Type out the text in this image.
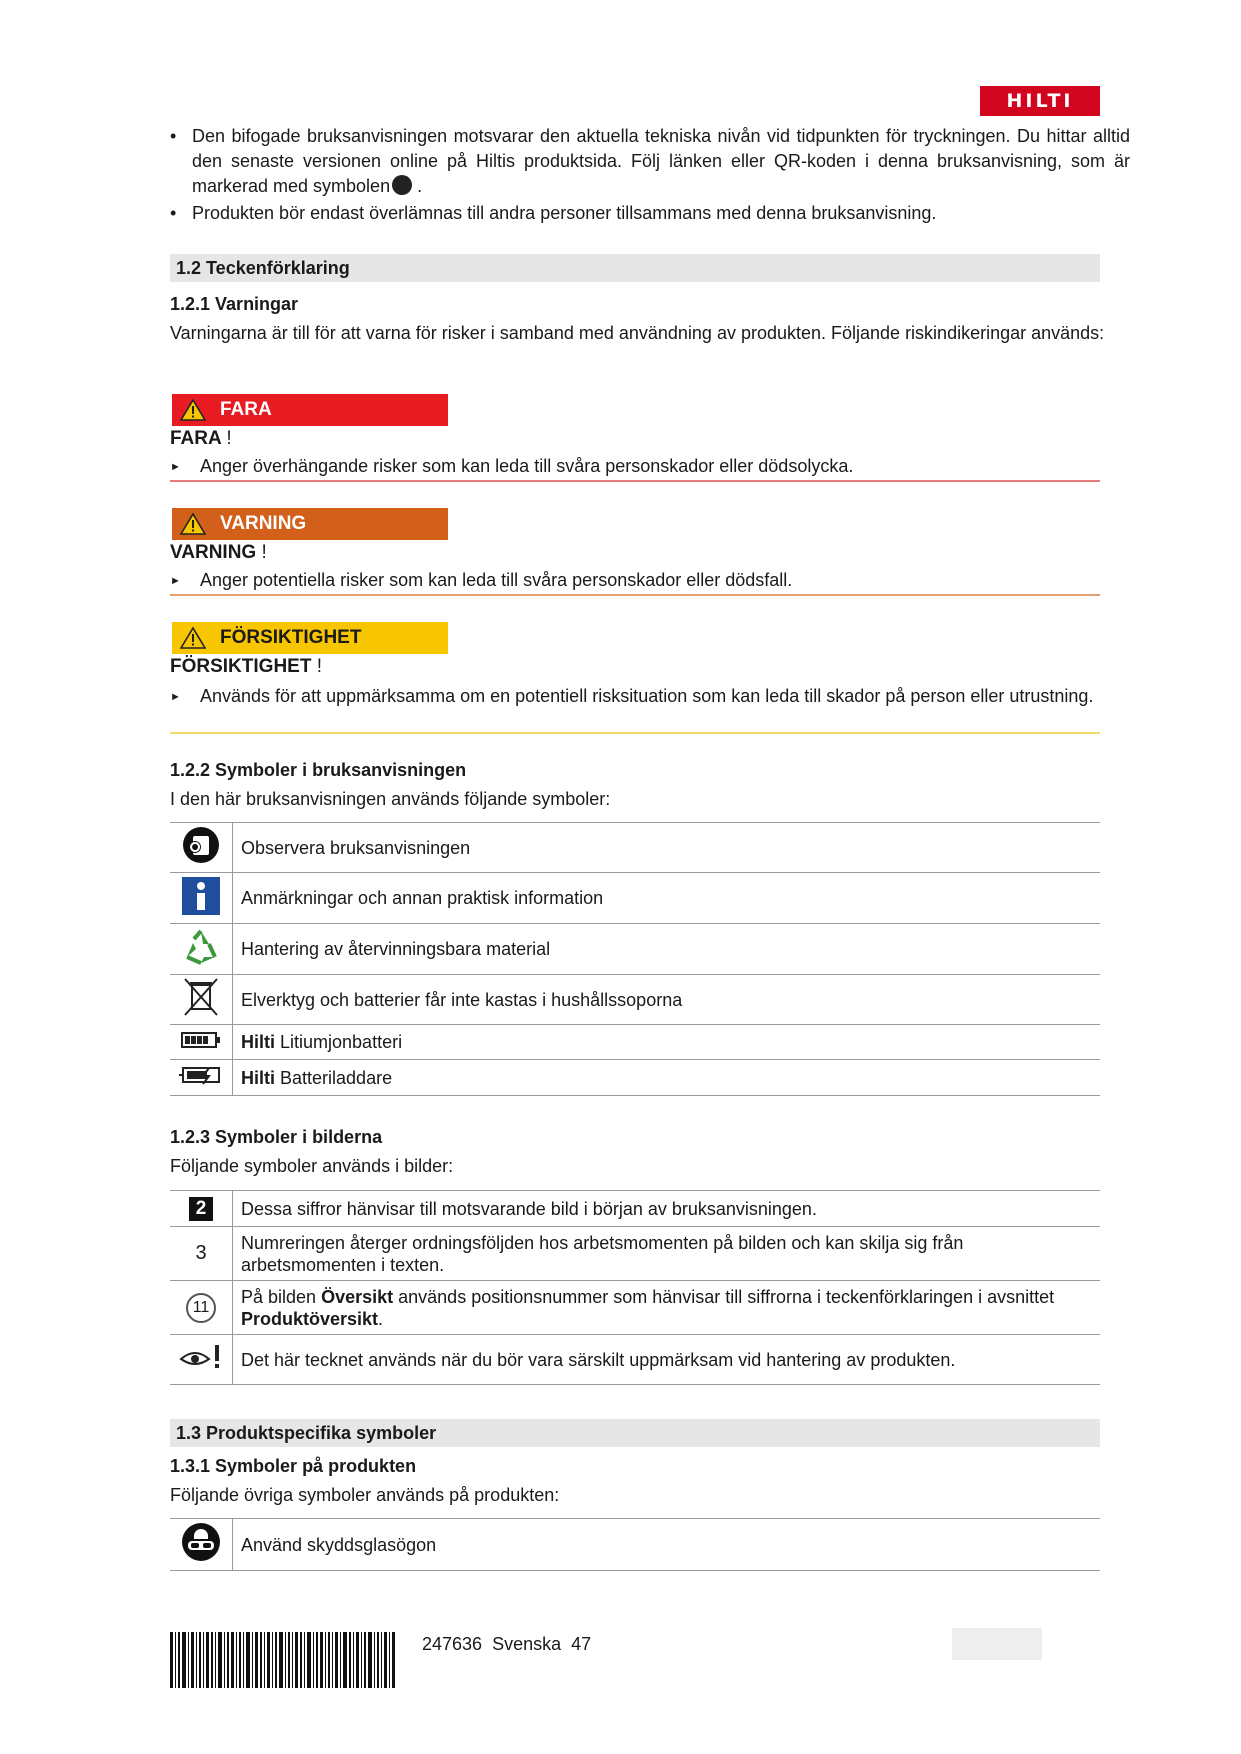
HILTI
• Den bifogade bruksanvisningen motsvarar den aktuella tekniska nivån vid tidpunkten för tryckningen. Du hittar alltid den senaste versionen online på Hiltis produktsida. Följ länken eller QR-koden i denna bruksanvisning, som är markerad med symbolen .
• Produkten bör endast överlämnas till andra personer tillsammans med denna bruksanvisning.
1.2 Teckenförklaring
1.2.1 Varningar
Varningarna är till för att varna för risker i samband med användning av produkten. Följande riskindikeringar används:
FARA
FARA !
►	Anger överhängande risker som kan leda till svåra personskador eller dödsolycka.
VARNING
VARNING !
►	Anger potentiella risker som kan leda till svåra personskador eller dödsfall.
FÖRSIKTIGHET
FÖRSIKTIGHET !
►	Används för att uppmärksamma om en potentiell risksituation som kan leda till skador på person eller utrustning.
1.2.2 Symboler i bruksanvisningen
I den här bruksanvisningen används följande symboler:
	Observera bruksanvisningen
	Anmärkningar och annan praktisk information
	Hantering av återvinningsbara material
	Elverktyg och batterier får inte kastas i hushållssoporna
	Hilti Litiumjonbatteri
	Hilti Batteriladdare
1.2.3 Symboler i bilderna
Följande symboler används i bilder:
2	Dessa siffror hänvisar till motsvarande bild i början av bruksanvisningen.
3	Numreringen återger ordningsföljden hos arbetsmomenten på bilden och kan skilja sig från arbetsmomenten i texten.
11	På bilden Översikt används positionsnummer som hänvisar till siffrorna i teckenförklaringen i avsnittet Produktöversikt.
	Det här tecknet används när du bör vara särskilt uppmärksam vid hantering av produkten.
1.3 Produktspecifika symboler
1.3.1 Symboler på produkten
Följande övriga symboler används på produkten:
	Använd skyddsglasögon
247636 Svenska 47
